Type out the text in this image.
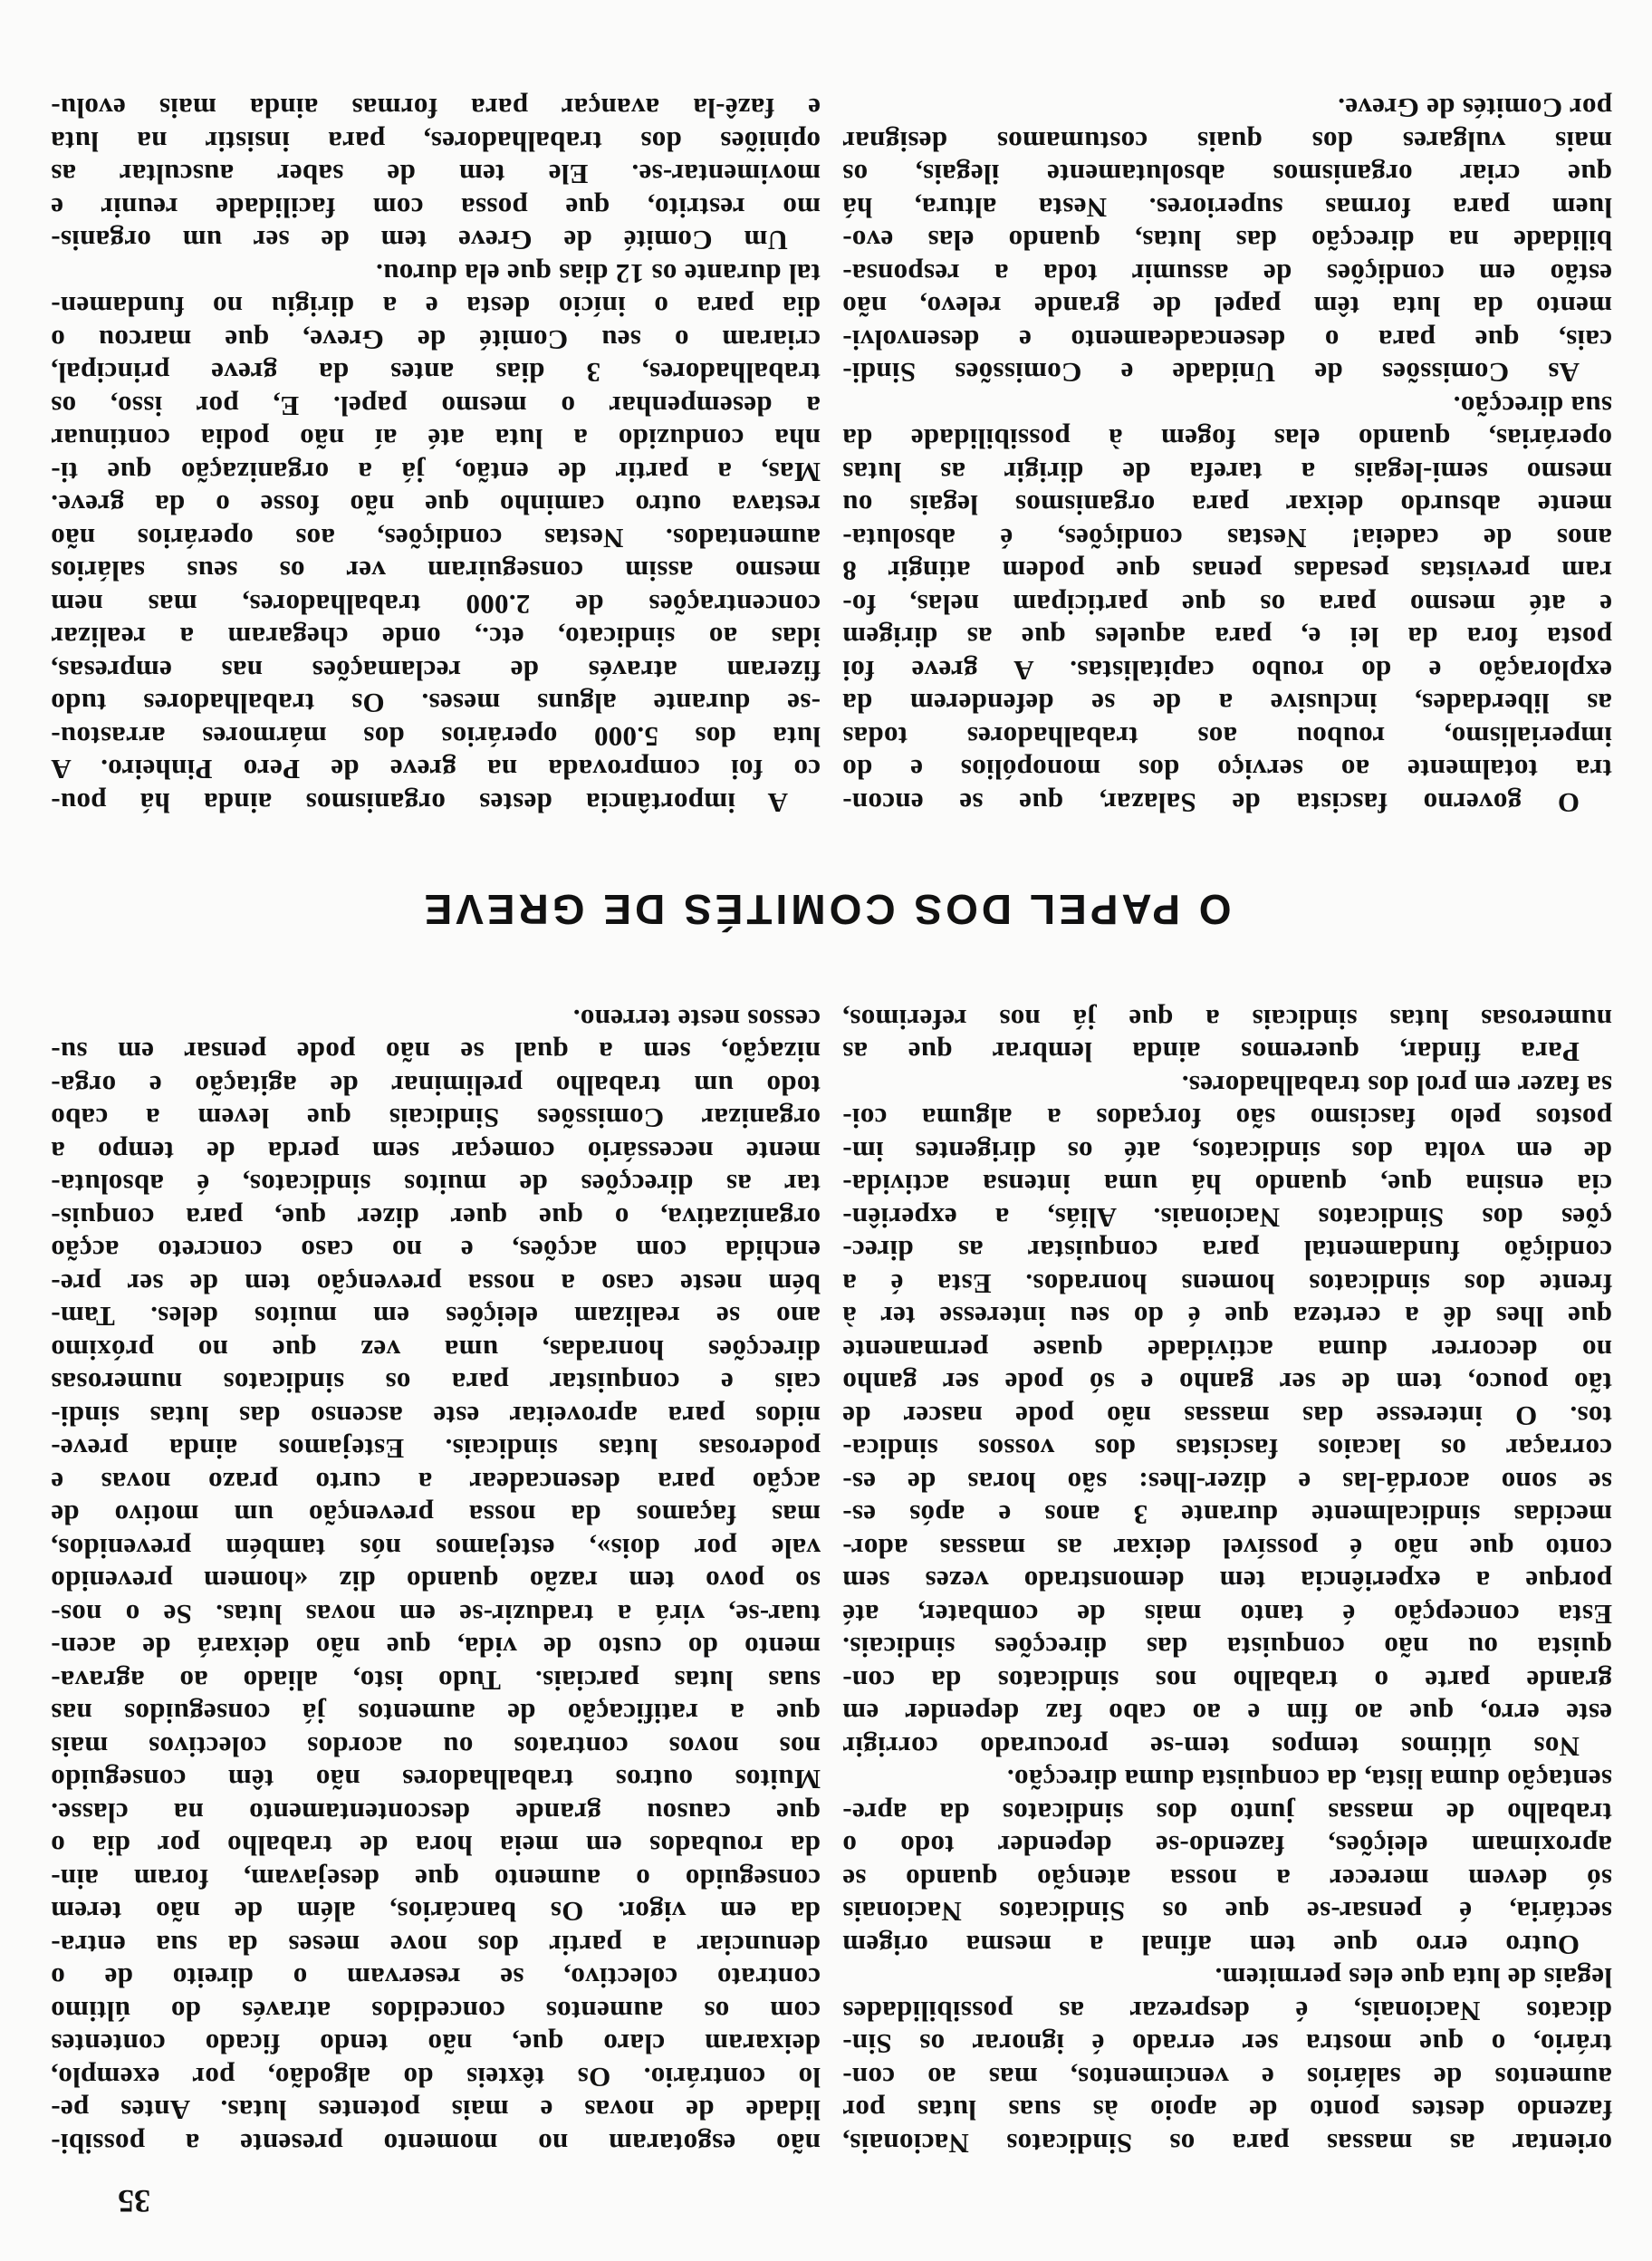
35
orientar as massas para os Sindicatos Nacionais,
fazendo destes ponto de apoio às suas lutas por
aumentos de salários e vencimentos, mas ao con-
trário, o que mostra ser errado é ignorar os Sin-
dicatos Nacionais, é desprezar as possibilidades
legais de luta que eles permitem.
Outro erro que tem afinal a mesma origem
sectária, é pensar-se que os Sindicatos Nacionais
só devem merecer a nossa atenção quando se
aproximam eleições, fazendo-se depender todo o
trabalho de massas junto dos sindicatos da apre-
sentação duma lista, da conquista duma direcção.
Nos últimos tempos tem-se procurado corrigir
este erro, que ao fim e ao cabo faz depender em
grande parte o trabalho nos sindicatos da con-
quista ou não conquista das direcções sindicais.
Esta concepção é tanto mais de combater, até
porque a experiência tem demonstrado vezes sem
conto que não é possível deixar as massas ador-
mecidas sindicalmente durante 3 anos e após es-
se sono acordá-las e dizer-lhes: são horas de es-
corraçar os lacaios fascistas dos vossos sindica-
tos. O interesse das massas não pode nascer de
tão pouco, tem de ser ganho e só pode ser ganho
no decorrer duma actividade quase permanente
que lhes dê a certeza que é do seu interesse ter à
frente dos sindicatos homens honrados. Esta é a
condição fundamental para conquistar as direc-
ções dos Sindicatos Nacionais. Aliás, a experiên-
cia ensina que, quando há uma intensa activida-
de em volta dos sindicatos, até os dirigentes im-
postos pelo fascismo são forçados a alguma coi-
sa fazer em prol dos trabalhadores.
Para findar, queremos ainda lembrar que as
numerosas lutas sindicais a que já nos referimos,
não esgotaram no momento presente a possibi-
lidade de novas e mais potentes lutas. Antes pe-
lo contrário. Os têxteis do algodão, por exemplo,
deixaram claro que, não tendo ficado contentes
com os aumentos concedidos através do último
contrato colectivo, se reservam o direito de o
denunciar a partir dos nove meses da sua entra-
da em vigor. Os bancários, além de não terem
conseguido o aumento que desejavam, foram ain-
da roubados em meia hora de trabalho por dia o
que causou grande descontentamento na classe.
Muitos outros trabalhadores não têm conseguido
nos novos contratos ou acordos colectivos mais
que a ratificação de aumentos já conseguidos nas
suas lutas parciais. Tudo isto, aliado ao agrava-
mento do custo de vida, que não deixará de acen-
tuar-se, virá a traduzir-se em novas lutas. Se o nos-
so povo tem razão quando diz «homem prevenido
vale por dois», estejamos nós também prevenidos,
mas façamos da nossa prevenção um motivo de
acção para desencadear a curto prazo novas e
poderosas lutas sindicais. Estejamos ainda preve-
nidos para aproveitar este ascenso das lutas sindi-
cais e conquistar para os sindicatos numerosas
direcções honradas, uma vez que no próximo
ano se realizam eleições em muitos deles. Tam-
bém neste caso a nossa prevenção tem de ser pre-
enchida com acções, e no caso concreto acção
organizativa, o que quer dizer que, para conquis-
tar as direcções de muitos sindicatos, é absoluta-
mente necessário começar sem perda de tempo a
organizar Comissões Sindicais que levem a cabo
todo um trabalho preliminar de agitação e orga-
nização, sem a qual se não pode pensar em su-
cessos neste terreno.
O PAPEL DOS COMITÉS DE GREVE
O governo fascista de Salazar, que se encon-
tra totalmente ao serviço dos monopólios e do
imperialismo, roubou aos trabalhadores todas
as liberdades, inclusive a de se defenderem da
exploração e do roubo capitalistas. A greve foi
posta fora da lei e, para aqueles que as dirigem
e até mesmo para os que participam nelas, fo-
ram previstas pesadas penas que podem atingir 8
anos de cadeia! Nestas condições, é absoluta-
mente absurdo deixar para organismos legais ou
mesmo semi-legais a tarefa de dirigir as lutas
operárias, quando elas fogem à possibilidade da
sua direcção.
As Comissões de Unidade e Comissões Sindi-
cais, que para o desencadeamento e desenvolvi-
mento da luta têm papel de grande relevo, não
estão em condições de assumir toda a responsa-
bilidade na direcção das lutas, quando elas evo-
luem para formas superiores. Nesta altura, há
que criar organismos absolutamente ilegais, os
mais vulgares dos quais costumamos designar
por Comités de Greve.
A importância destes organismos ainda há pou-
co foi comprovada na greve de Pero Pinheiro. A
luta dos 5.000 operários dos mármores arrastou-
-se durante alguns meses. Os trabalhadores tudo
fizeram através de reclamações nas empresas,
idas ao sindicato, etc., onde chegaram a realizar
concentrações de 2.000 trabalhadores, mas nem
mesmo assim conseguiram ver os seus salários
aumentados. Nestas condições, aos operários não
restava outro caminho que não fosse o da greve.
Mas, a partir de então, já a organização que ti-
nha conduzido a luta até aí não podia continuar
a desempenhar o mesmo papel. E, por isso, os
trabalhadores, 3 dias antes da greve principal,
criaram o seu Comité de Greve, que marcou o
dia para o início desta e a dirigiu no fundamen-
tal durante os 12 dias que ela durou.
Um Comité de Greve tem de ser um organis-
mo restrito, que possa com facilidade reunir e
movimentar-se. Ele tem de saber auscultar as
opiniões dos trabalhadores, para insistir na luta
e fazê-la avançar para formas ainda mais evolu-
